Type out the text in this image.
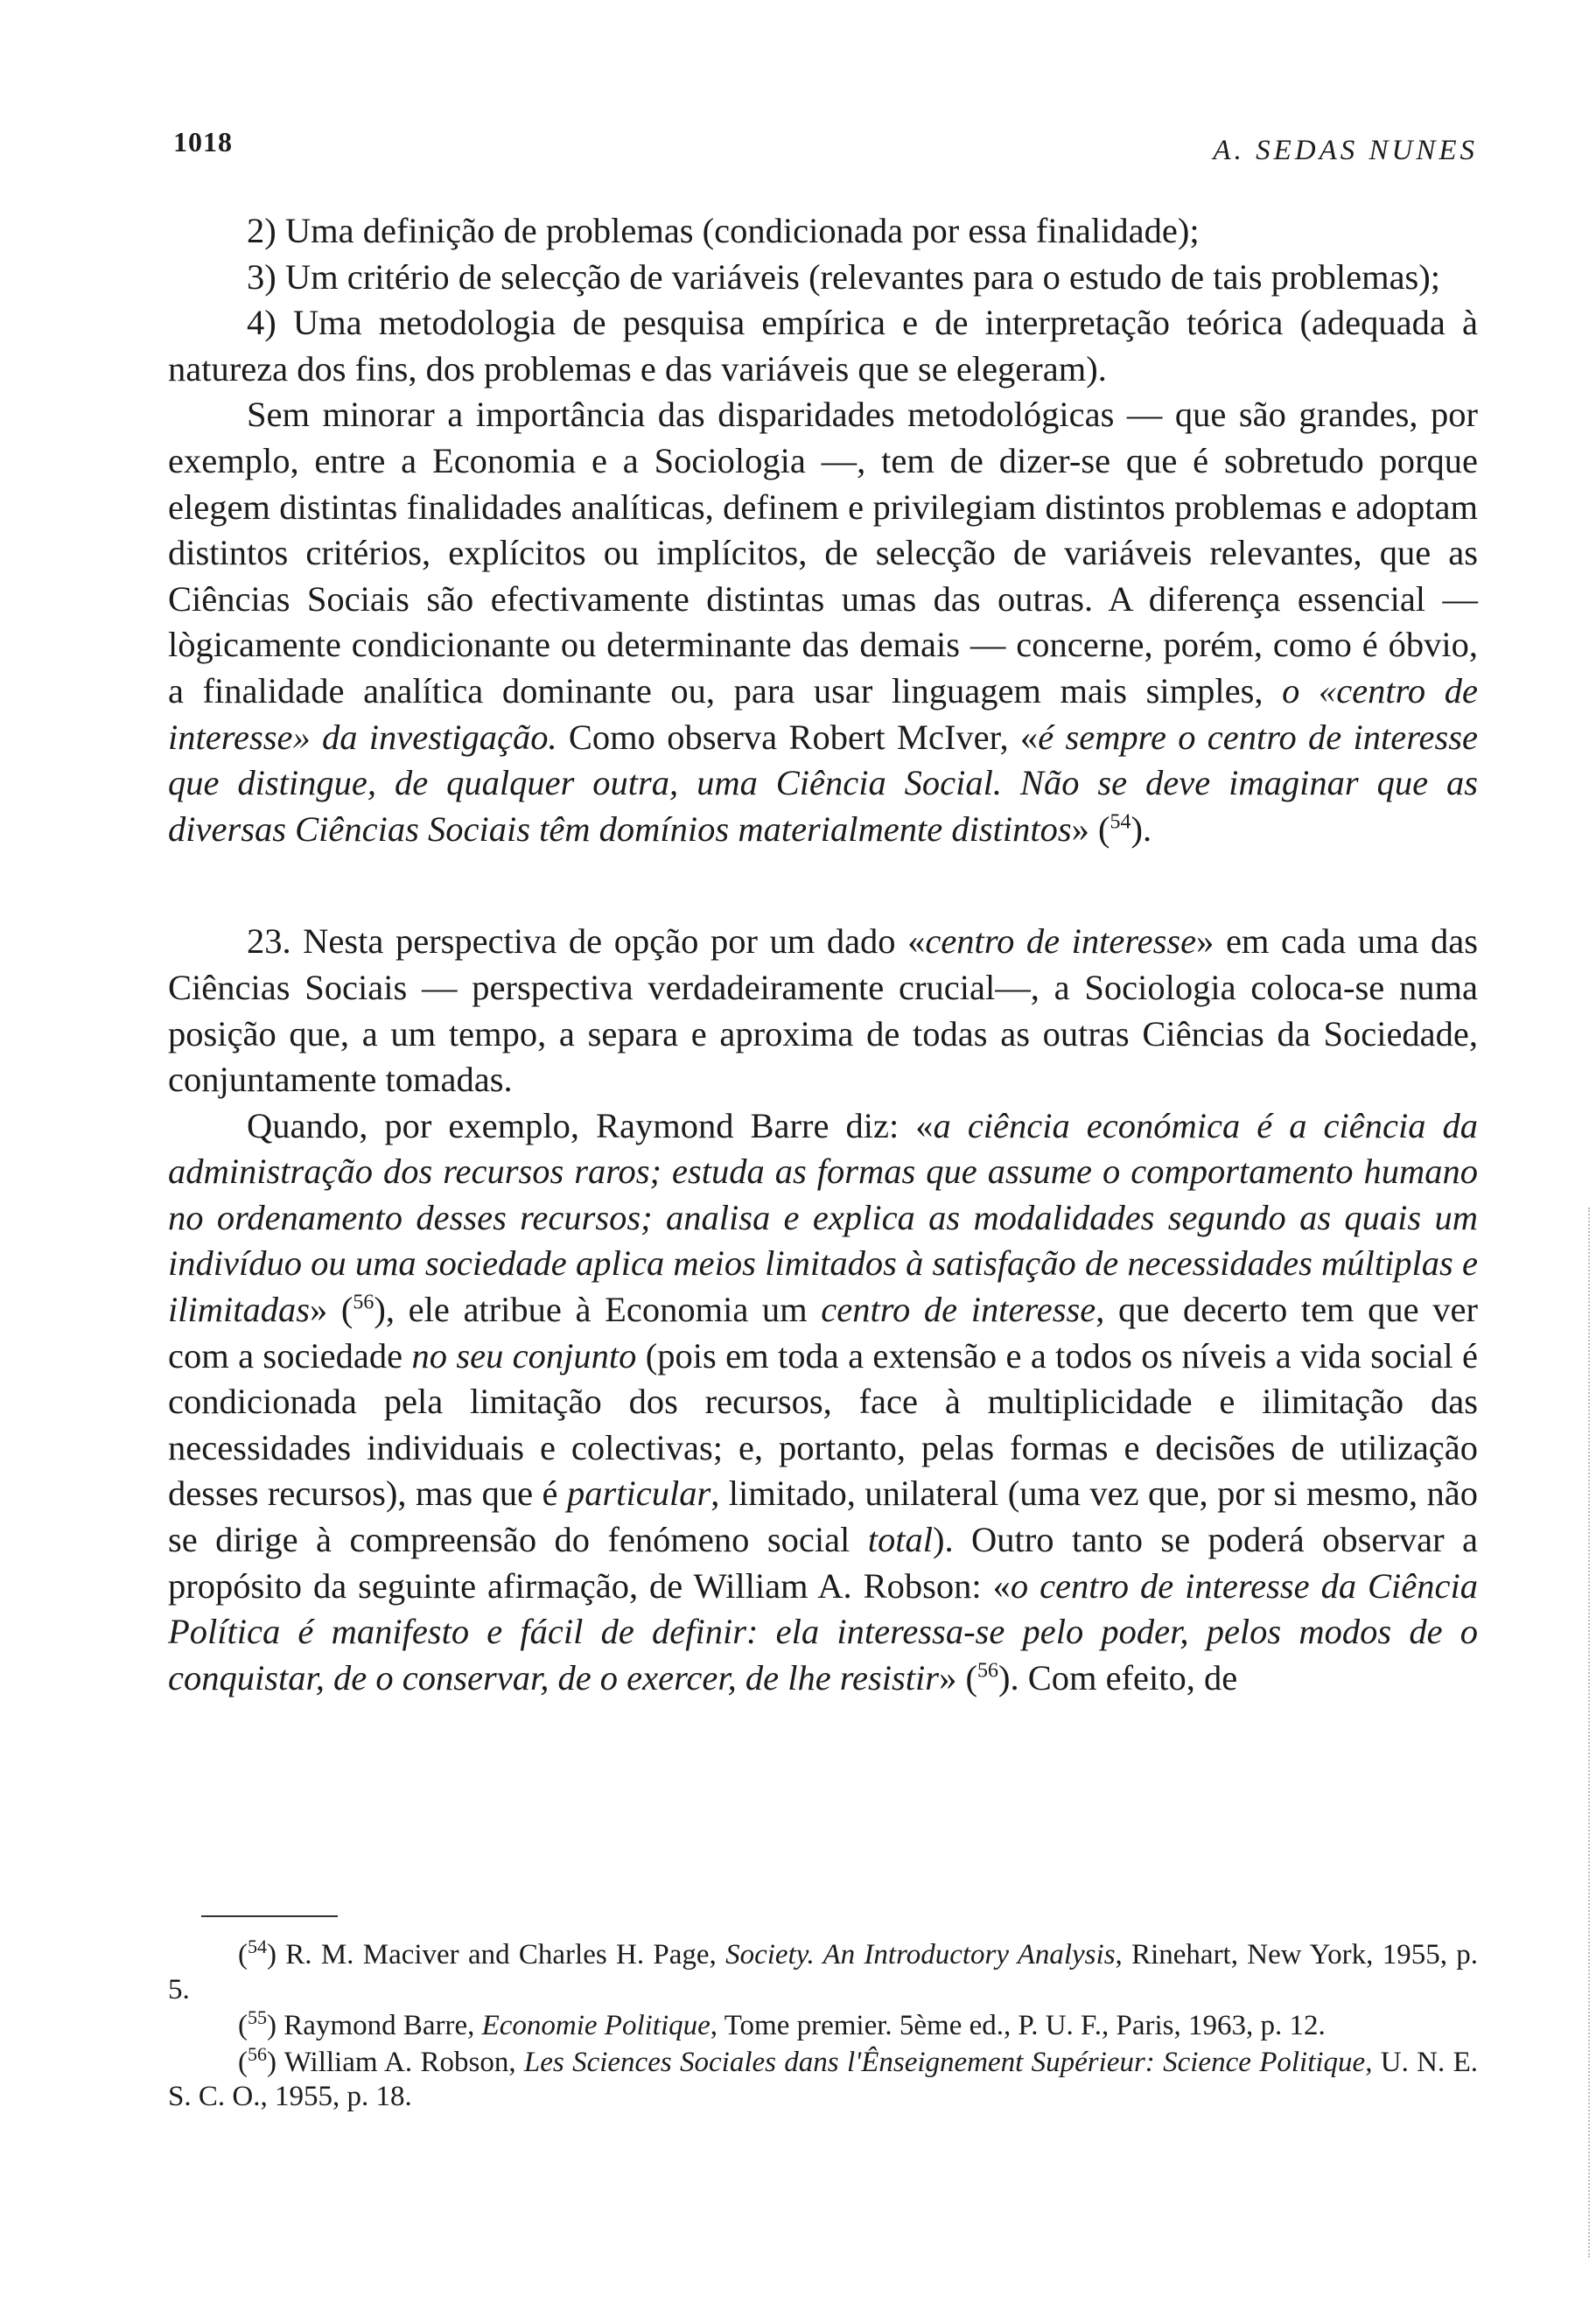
1018	A. SEDAS NUNES

2) Uma definição de problemas (condicionada por essa finalidade);

3) Um critério de selecção de variáveis (relevantes para o estudo de tais problemas);

4) Uma metodologia de pesquisa empírica e de interpretação teórica (adequada à natureza dos fins, dos problemas e das variáveis que se elegeram).

Sem minorar a importância das disparidades metodológicas — que são grandes, por exemplo, entre a Economia e a Sociologia —, tem de dizer-se que é sobretudo porque elegem distintas finalidades analíticas, definem e privilegiam distintos problemas e adoptam distintos critérios, explícitos ou implícitos, de selecção de variáveis relevantes, que as Ciências Sociais são efectivamente distintas umas das outras. A diferença essencial — lògicamente condicionante ou determinante das demais — concerne, porém, como é óbvio, a finalidade analítica dominante ou, para usar linguagem mais simples, o «centro de interesse» da investigação. Como observa Robert McIver, «é sempre o centro de interesse que distingue, de qualquer outra, uma Ciência Social. Não se deve imaginar que as diversas Ciências Sociais têm domínios materialmente distintos» ($^{54}$).

23. Nesta perspectiva de opção por um dado «centro de interesse» em cada uma das Ciências Sociais — perspectiva verdadeiramente crucial—, a Sociologia coloca-se numa posição que, a um tempo, a separa e aproxima de todas as outras Ciências da Sociedade, conjuntamente tomadas.

Quando, por exemplo, Raymond Barre diz: «a ciência económica é a ciência da administração dos recursos raros; estuda as formas que assume o comportamento humano no ordenamento desses recursos; analisa e explica as modalidades segundo as quais um indivíduo ou uma sociedade aplica meios limitados à satisfação de necessidades múltiplas e ilimitadas» ($^{56}$), ele atribue à Economia um centro de interesse, que decerto tem que ver com a sociedade no seu conjunto (pois em toda a extensão e a todos os níveis a vida social é condicionada pela limitação dos recursos, face à multiplicidade e ilimitação das necessidades individuais e colectivas; e, portanto, pelas formas e decisões de utilização desses recursos), mas que é particular, limitado, unilateral (uma vez que, por si mesmo, não se dirige à compreensão do fenómeno social total). Outro tanto se poderá observar a propósito da seguinte afirmação, de William A. Robson: «o centro de interesse da Ciência Política é manifesto e fácil de definir: ela interessa-se pelo poder, pelos modos de o conquistar, de o conservar, de o exercer, de lhe resistir» ($^{56}$). Com efeito, de

($^{54}$) R. M. Maciver and Charles H. Page, Society. An Introductory Analysis, Rinehart, New York, 1955, p. 5.

($^{55}$) Raymond Barre, Economie Politique, Tome premier. 5ème ed., P. U. F., Paris, 1963, p. 12.

($^{56}$) William A. Robson, Les Sciences Sociales dans l'Ênseignement Supérieur: Science Politique, U. N. E. S. C. O., 1955, p. 18.
